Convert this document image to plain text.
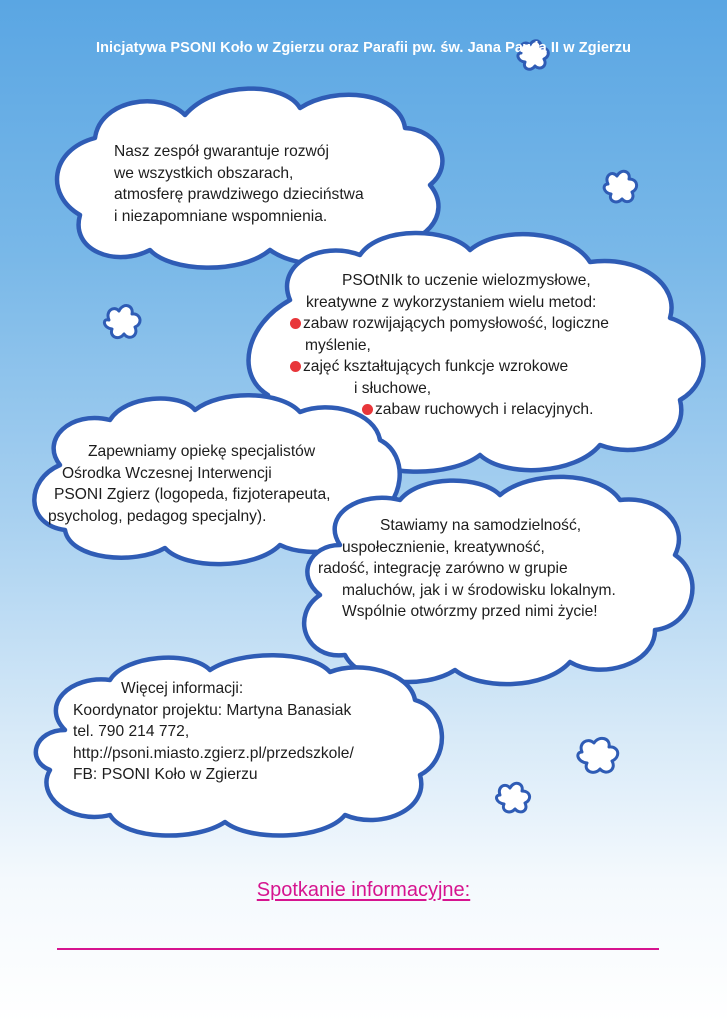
Inicjatywa PSONI Koło w Zgierzu oraz Parafii pw. św. Jana Pawła II w Zgierzu
Nasz zespół gwarantuje rozwój
we wszystkich obszarach,
atmosferę prawdziwego dzieciństwa
i niezapomniane wspomnienia.
PSOtNIk to uczenie wielozmysłowe,
kreatywne z wykorzystaniem wielu metod:
zabaw rozwijających pomysłowość, logiczne
myślenie,
zajęć kształtujących funkcje wzrokowe
i słuchowe,
zabaw ruchowych i relacyjnych.
Zapewniamy opiekę specjalistów
Ośrodka Wczesnej Interwencji
PSONI Zgierz (logopeda, fizjoterapeuta,
psycholog, pedagog specjalny).
Stawiamy na samodzielność,
uspołecznienie, kreatywność,
radość, integrację zarówno w grupie
maluchów, jak i w środowisku lokalnym.
Wspólnie otwórzmy przed nimi życie!
Więcej informacji:
Koordynator projektu: Martyna Banasiak
tel. 790 214 772,
http://psoni.miasto.zgierz.pl/przedszkole/
FB: PSONI Koło w Zgierzu
Spotkanie informacyjne:
